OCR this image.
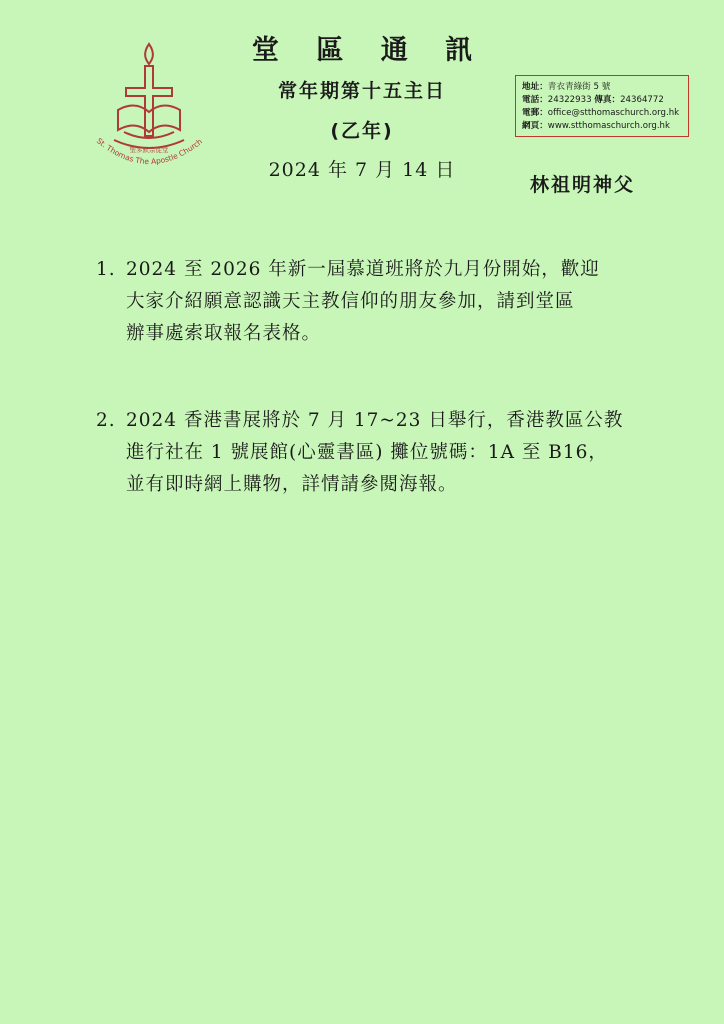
St. Thomas The Apostle Church
聖多默宗徒堂
堂 區 通 訊
常年期第十五主日
(乙年)
2024 年 7 月 14 日
地址：青衣青綠街 5 號
電話：24322933 傳真：24364772
電郵：office@stthomaschurch.org.hk
網頁：www.stthomaschurch.org.hk
林祖明神父
1. 2024 至 2026 年新一屆慕道班將於九月份開始，歡迎
大家介紹願意認識天主教信仰的朋友參加，請到堂區
辦事處索取報名表格。
2. 2024 香港書展將於 7 月 17~23 日舉行，香港教區公教
進行社在 1 號展館(心靈書區) 攤位號碼：1A 至 B16，
並有即時網上購物，詳情請參閱海報。
